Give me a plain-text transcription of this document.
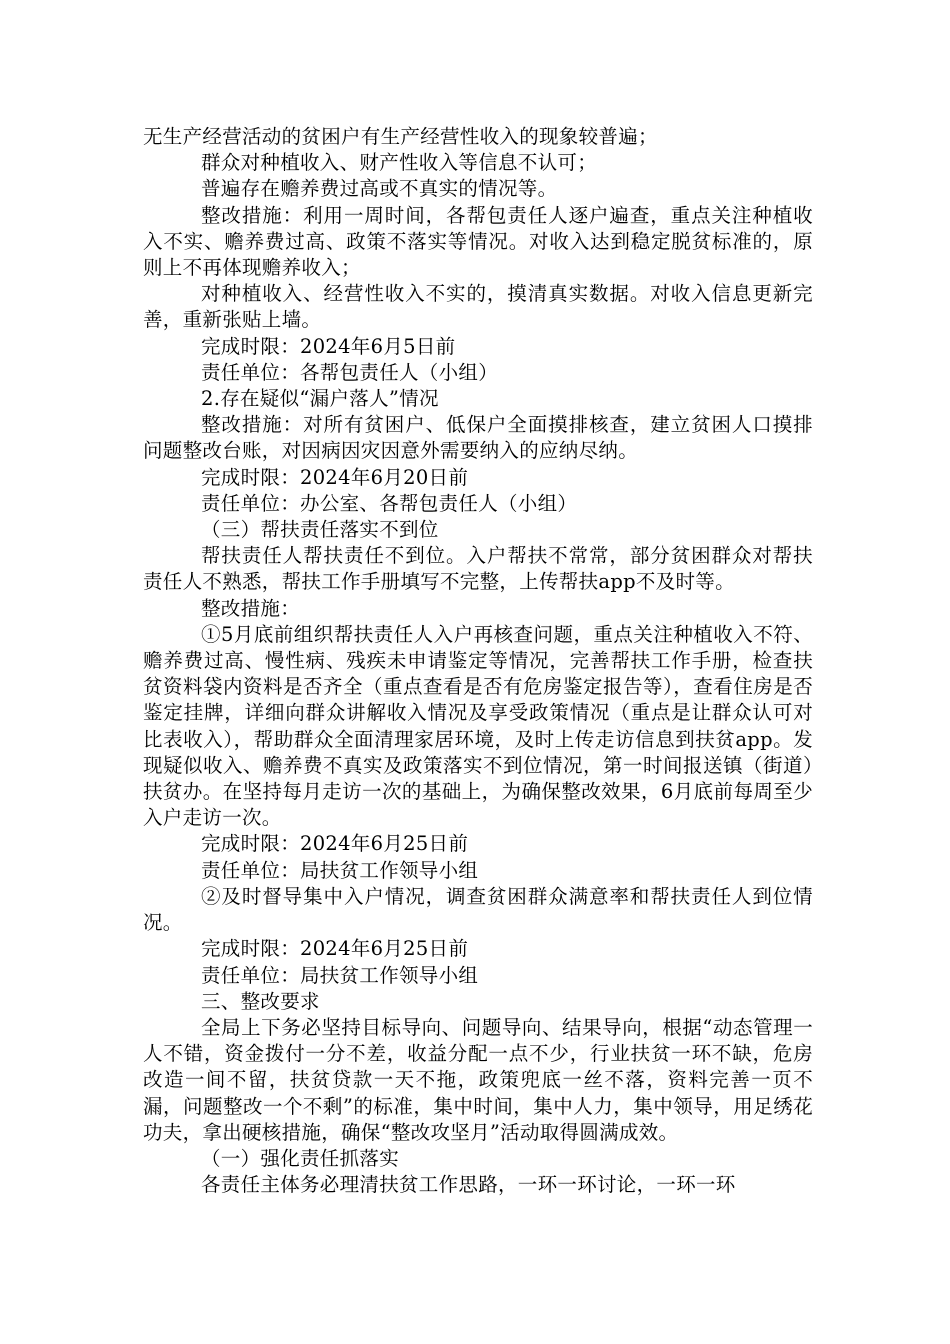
无生产经营活动的贫困户有生产经营性收入的现象较普遍；

群众对种植收入、财产性收入等信息不认可；

普遍存在赡养费过高或不真实的情况等。

整改措施：利用一周时间，各帮包责任人逐户遍查，重点关注种植收入不实、赡养费过高、政策不落实等情况。对收入达到稳定脱贫标准的，原则上不再体现赡养收入；

对种植收入、经营性收入不实的，摸清真实数据。对收入信息更新完善，重新张贴上墙。

完成时限：2024年6月5日前

责任单位：各帮包责任人（小组）

2.存在疑似“漏户落人”情况

整改措施：对所有贫困户、低保户全面摸排核查，建立贫困人口摸排问题整改台账，对因病因灾因意外需要纳入的应纳尽纳。

完成时限：2024年6月20日前

责任单位：办公室、各帮包责任人（小组）

（三）帮扶责任落实不到位

帮扶责任人帮扶责任不到位。入户帮扶不常常，部分贫困群众对帮扶责任人不熟悉，帮扶工作手册填写不完整，上传帮扶app不及时等。

整改措施：

①5月底前组织帮扶责任人入户再核查问题，重点关注种植收入不符、赡养费过高、慢性病、残疾未申请鉴定等情况，完善帮扶工作手册，检查扶贫资料袋内资料是否齐全（重点查看是否有危房鉴定报告等），查看住房是否鉴定挂牌，详细向群众讲解收入情况及享受政策情况（重点是让群众认可对比表收入），帮助群众全面清理家居环境，及时上传走访信息到扶贫app。发现疑似收入、赡养费不真实及政策落实不到位情况，第一时间报送镇（街道）扶贫办。在坚持每月走访一次的基础上，为确保整改效果，6月底前每周至少入户走访一次。

完成时限：2024年6月25日前

责任单位：局扶贫工作领导小组

②及时督导集中入户情况，调查贫困群众满意率和帮扶责任人到位情况。

完成时限：2024年6月25日前

责任单位：局扶贫工作领导小组

三、整改要求

全局上下务必坚持目标导向、问题导向、结果导向，根据“动态管理一人不错，资金拨付一分不差，收益分配一点不少，行业扶贫一环不缺，危房改造一间不留，扶贫贷款一天不拖，政策兜底一丝不落，资料完善一页不漏，问题整改一个不剩”的标准，集中时间，集中人力，集中领导，用足绣花功夫，拿出硬核措施，确保“整改攻坚月”活动取得圆满成效。

（一）强化责任抓落实

各责任主体务必理清扶贫工作思路，一环一环讨论，一环一环
